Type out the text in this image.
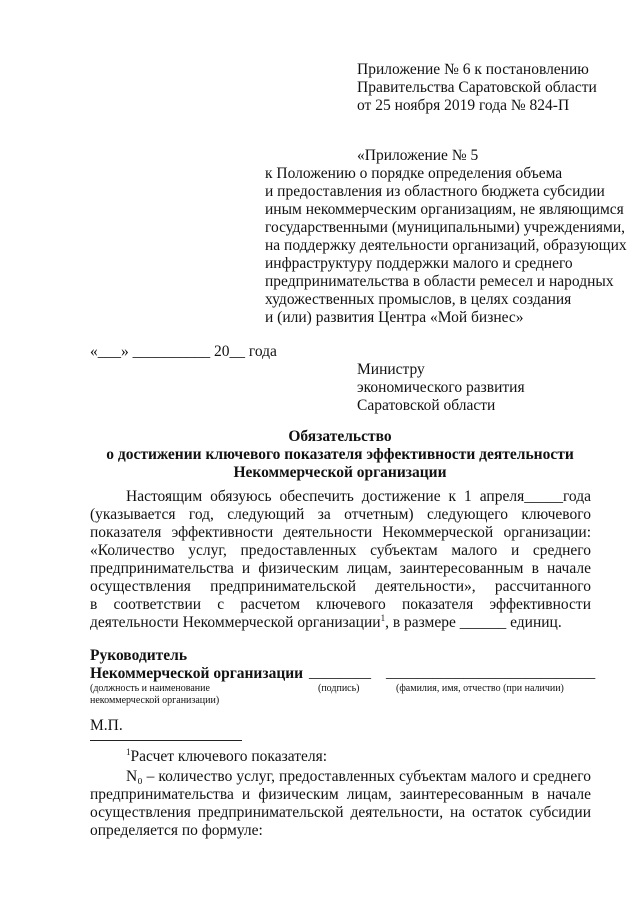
Приложение № 6 к постановлению
Правительства Саратовской области
от 25 ноября 2019 года № 824-П
«Приложение № 5
к Положению о порядке определения объема
и предоставления из областного бюджета субсидии
иным некоммерческим организациям, не являющимся
государственными (муниципальными) учреждениями,
на поддержку деятельности организаций, образующих
инфраструктуру поддержки малого и среднего
предпринимательства в области ремесел и народных
художественных промыслов, в целях создания
и (или) развития Центра «Мой бизнес»
«___» __________ 20__ года
Министру
экономического развития
Саратовской области
Обязательство
о достижении ключевого показателя эффективности деятельности
Некоммерческой организации
Настоящим обязуюсь обеспечить достижение к 1 апреля_____года
(указывается год, следующий за отчетным) следующего ключевого
показателя эффективности деятельности Некоммерческой организации:
«Количество услуг, предоставленных субъектам малого и среднего
предпринимательства и физическим лицам, заинтересованным в начале
осуществления предпринимательской деятельности», рассчитанного
в соответствии с расчетом ключевого показателя эффективности
деятельности Некоммерческой организации$^1$, в размере ______ единиц.
Руководитель
Некоммерческой организации ________ ___________________________
(должность и наименование
некоммерческой организации)
(подпись)	(фамилия, имя, отчество (при наличии)
М.П.
$^1$Расчет ключевого показателя:
N₀ – количество услуг, предоставленных субъектам малого и среднего
предпринимательства и физическим лицам, заинтересованным в начале
осуществления предпринимательской деятельности, на остаток субсидии
определяется по формуле:
